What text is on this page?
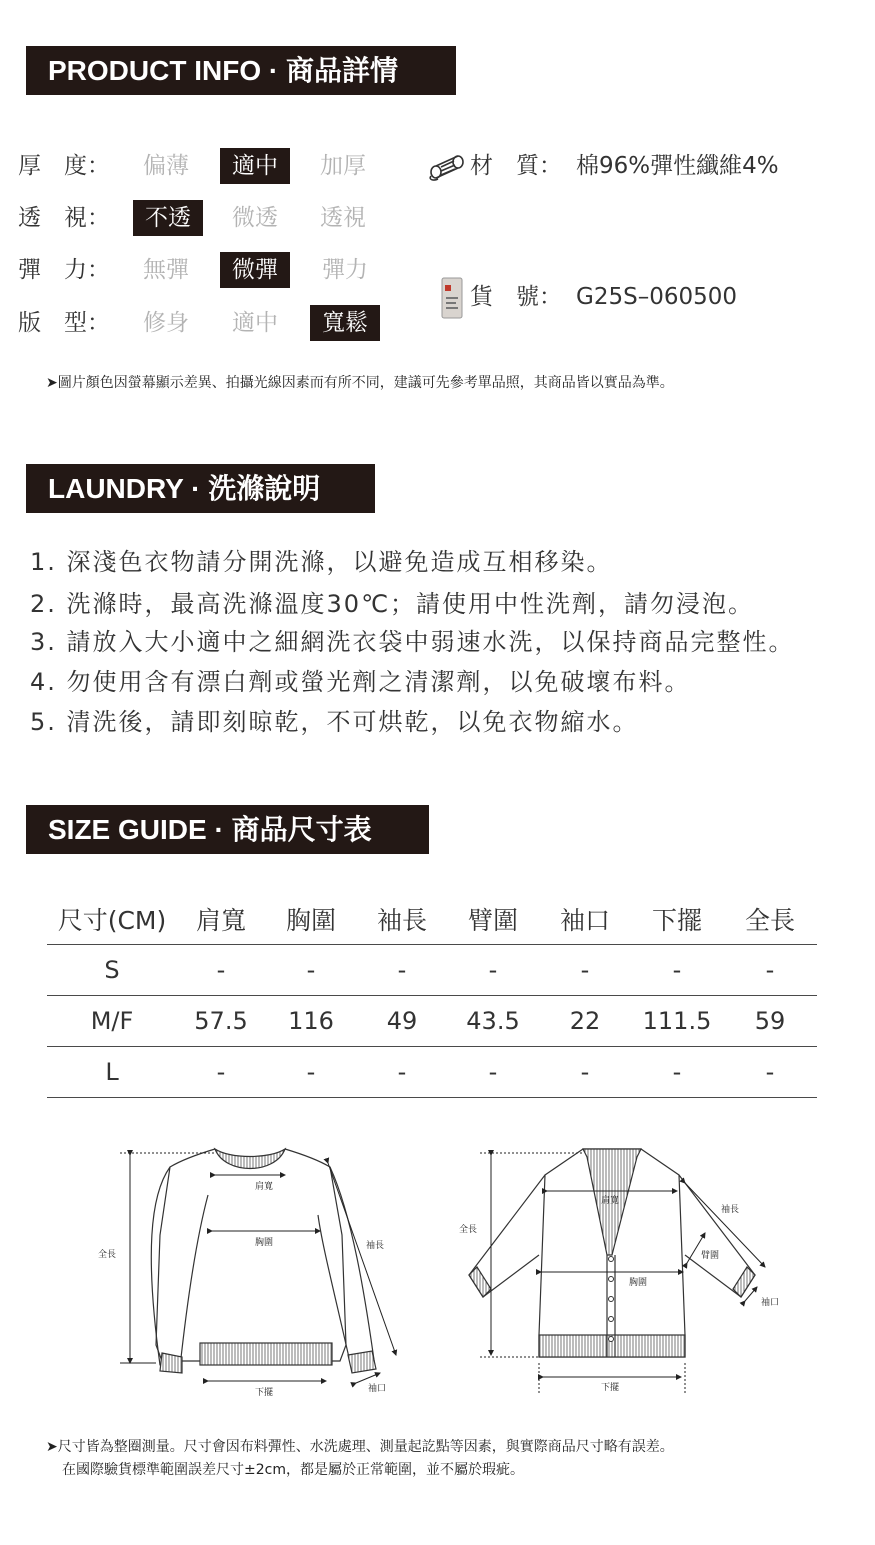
PRODUCT INFO · 商品詳情
厚　度：	偏薄	適中	加厚
透　視：	不透	微透	透視
彈　力：	無彈	微彈	彈力
版　型：	修身	適中	寬鬆
材　質： 棉96%彈性纖維4%
貨　號： G25S–060500
➤圖片顏色因螢幕顯示差異、拍攝光線因素而有所不同，建議可先參考單品照，其商品皆以實品為準。
LAUNDRY · 洗滌說明
1. 深淺色衣物請分開洗滌，以避免造成互相移染。
2. 洗滌時，最高洗滌溫度30℃；請使用中性洗劑，請勿浸泡。
3. 請放入大小適中之細網洗衣袋中弱速水洗，以保持商品完整性。
4. 勿使用含有漂白劑或螢光劑之清潔劑，以免破壞布料。
5. 清洗後，請即刻晾乾，不可烘乾，以免衣物縮水。
SIZE GUIDE · 商品尺寸表
尺寸(CM)	肩寬	胸圍	袖長	臂圍	袖口	下擺	全長
S	-	-	-	-	-	-	-
M/F	57.5	116	49	43.5	22	111.5	59
L	-	-	-	-	-	-	-
肩寬
胸圍
全長
袖長
下擺	袖口
肩寬
胸圍
全長
袖長
臂圍
袖口
下擺
➤尺寸皆為整圈測量。尺寸會因布料彈性、水洗處理、測量起訖點等因素，與實際商品尺寸略有誤差。
在國際驗貨標準範圍誤差尺寸±2cm，都是屬於正常範圍，並不屬於瑕疵。
